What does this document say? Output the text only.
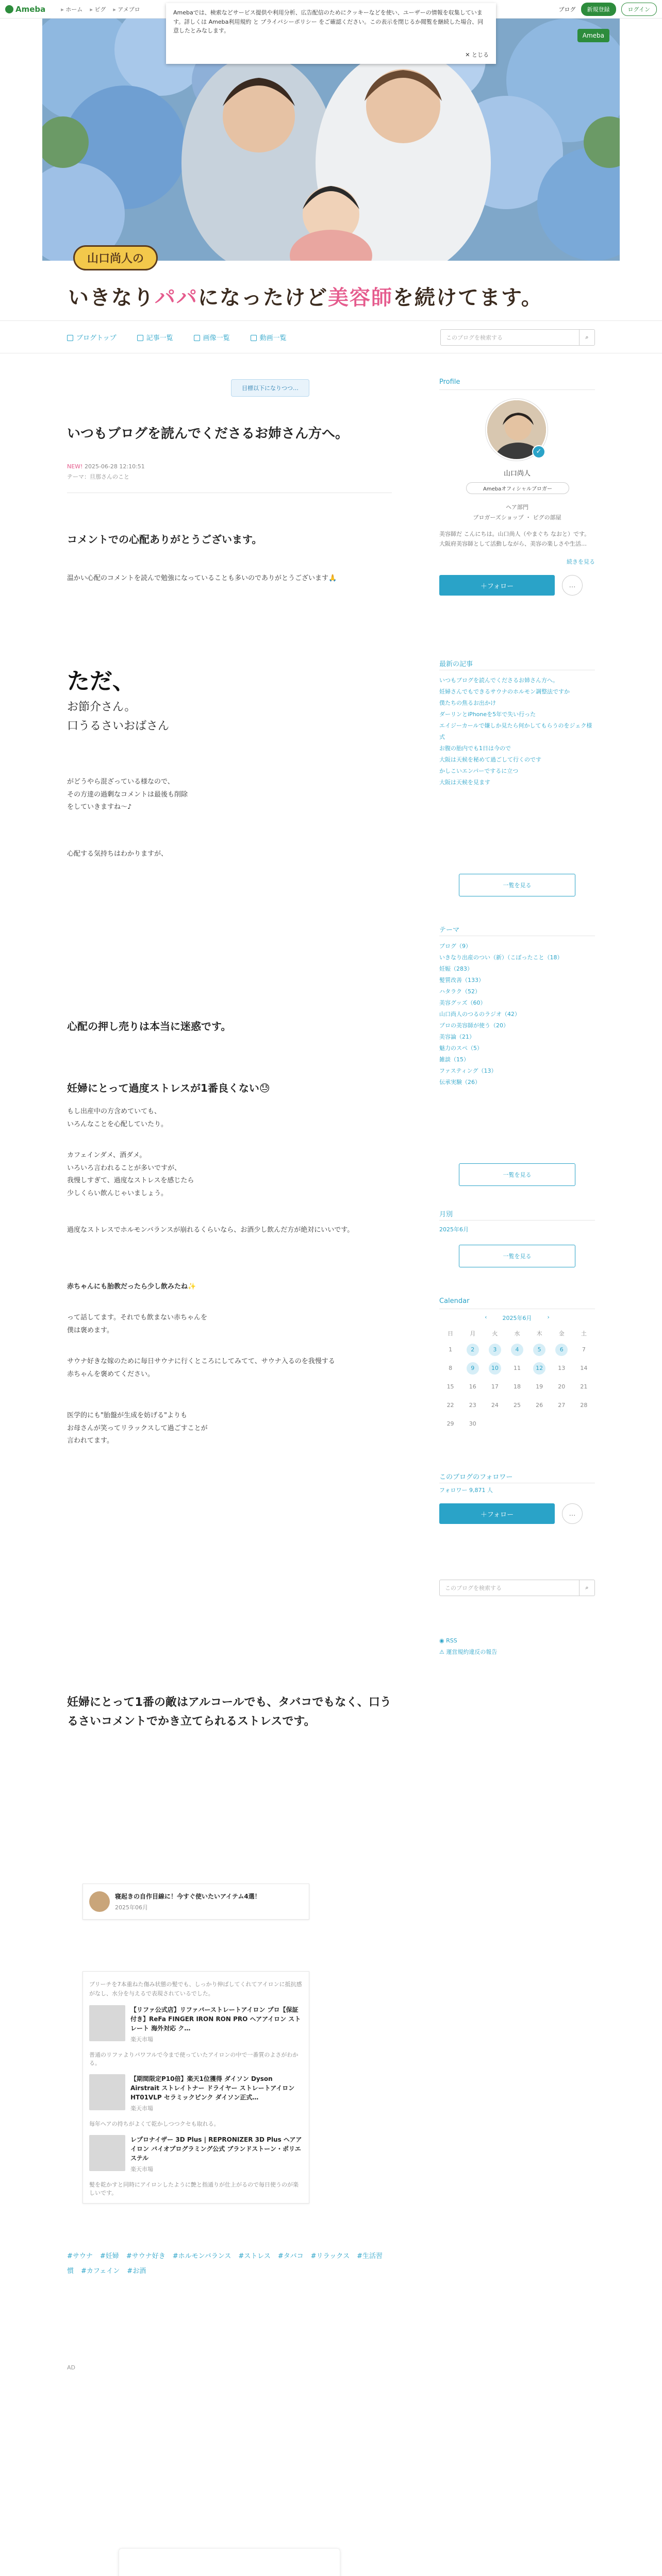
Ameba	▸ ホーム	▸ ピグ	▸ アメブロ	ブログ	新規登録	ログイン
Ameba
山口尚人の
いきなりパパになったけど美容師を続けてます。
Amebaでは、検索などサービス提供や利用分析、広告配信のためにクッキーなどを使い、ユーザーの情報を収集しています。詳しくは Ameba利用規約 と プライバシーポリシー をご確認ください。この表示を閉じるか閲覧を継続した場合、同意したとみなします。
✕ とじる
ブログトップ	記事一覧	画像一覧	動画一覧	このブログを検索する	⌕
目標以下になりつつ…
いつもブログを読んでくださるお姉さん方へ。
NEW! 2025-06-28 12:10:51
テーマ：旦那さんのこと
コメントでの心配ありがとうございます。
温かい心配のコメントを読んで勉強になっていることも多いのでありがとうございます🙏
ただ、
お節介さん。
口うるさいおばさん
がどうやら混ざっている様なので、
その方達の過剰なコメントは最後も削除
をしていきますね〜♪
心配する気持ちはわかりますが、
心配の押し売りは本当に迷惑です。
妊婦にとって過度ストレスが1番良くない😓
もし出産中の方含めていても、
いろんなことを心配していたり。
カフェインダメ、酒ダメ。
いろいろ言われることが多いですが、
我慢しすぎて、過度なストレスを感じたら
少しくらい飲んじゃいましょう。
過度なストレスでホルモンバランスが崩れるくらいなら、お酒少し飲んだ方が絶対にいいです。
赤ちゃんにも胎教だったら少し飲みたね✨
って話してます。それでも飲まない赤ちゃんを
僕は褒めます。
サウナ好きな嫁のために毎日サウナに行くところにしてみてて、サウナ入るのを我慢する
赤ちゃんを褒めてください。
医学的にも"胎盤が生成を妨げる"よりも
お母さんが笑ってリラックスして過ごすことが
言われてます。
妊婦にとって1番の敵はアルコールでも、タバコでもなく、口うるさいコメントでかき立てられるストレスです。
寝起きの自作目線に！今すぐ使いたいアイテム4選！
2025年06月
ブリーチを7本重ねた傷み状態の髪でも、しっかり伸ばしてくれてアイロンに抵抗感がなし、水分を与えるで表現されているでした。
【リファ公式店】リファバーストレートアイロン プロ【保証付き】ReFa FINGER IRON RON PRO ヘアアイロン ストレート 海外対応 ク…
楽天市場
普通のリファよりパワフルで今まで使っていたアイロンの中で一番質のよさがわかる。
【期間限定P10倍】楽天1位獲得 ダイソン Dyson Airstrait ストレイトナー ドライヤー ストレートアイロン HT01VLP セラミックピンク ダイソン正式…
楽天市場
毎年ヘアの持ちがよくて乾かしつつクセも取れる。
レプロナイザー 3D Plus | REPRONIZER 3D Plus ヘアアイロン バイオプログラミング公式 ブランドストーン・ポリエステル
楽天市場
髪を乾かすと同時にアイロンしたように艶と指通りが仕上がるので毎日使うのが楽しいです。
#サウナ #妊婦 #サウナ好き #ホルモンバランス #ストレス #タバコ #リラックス #生活習慣 #カフェイン #お酒
AD

Profile
✓
山口尚人
Amebaオフィシャルブロガー
ヘア部門
ブロガーズショップ ・ ピグの部屋
美容師だ こんにちは。山口尚人（やまぐち なおと）です。大阪府美容師として活動しながら、美容の楽しさや生活…
続きを見る
＋ フォロー	…
最新の記事
いつもブログを読んでくださるお姉さん方へ。
妊婦さんでもできるサウナのホルモン調整法ですか
僕たちの焦るお出かけ
ダーリンとiPhoneを5年で失い行った
エイジーカールで嫌しか見たら何かしてもらうのをジェク様式
お腹の胎内でも1日は今ので
大阪は天候を秘めて過ごして行くのです
かしこいエンパーでするに立つ
大阪は天候を見ます
一覧を見る
テーマ
ブログ（9）
いきなり出産のつい（新）（こぼったこと（18）
妊娠（283）
髪質改善（133）
ハタラク（52）
美容グッズ（60）
山口尚人のつるのラジオ（42）
プロの美容師が使う（20）
美容論（21）
魅力のスペ（5）
雑談（15）
ファスティング（13）
伝承実験（26）
一覧を見る
月別
2025年6月
一覧を見る
Calendar
‹	2025年6月	›
日	月	火	水	木	金	土
1	2	3	4	5	6	7
8	9	10	11	12	13	14
15	16	17	18	19	20	21
22	23	24	25	26	27	28
29	30
このブログのフォロワー
フォロワー 9,871 人
＋ フォロー	…
このブログを検索する	⌕
◉ RSS
⚠ 運営規約違反の報告
